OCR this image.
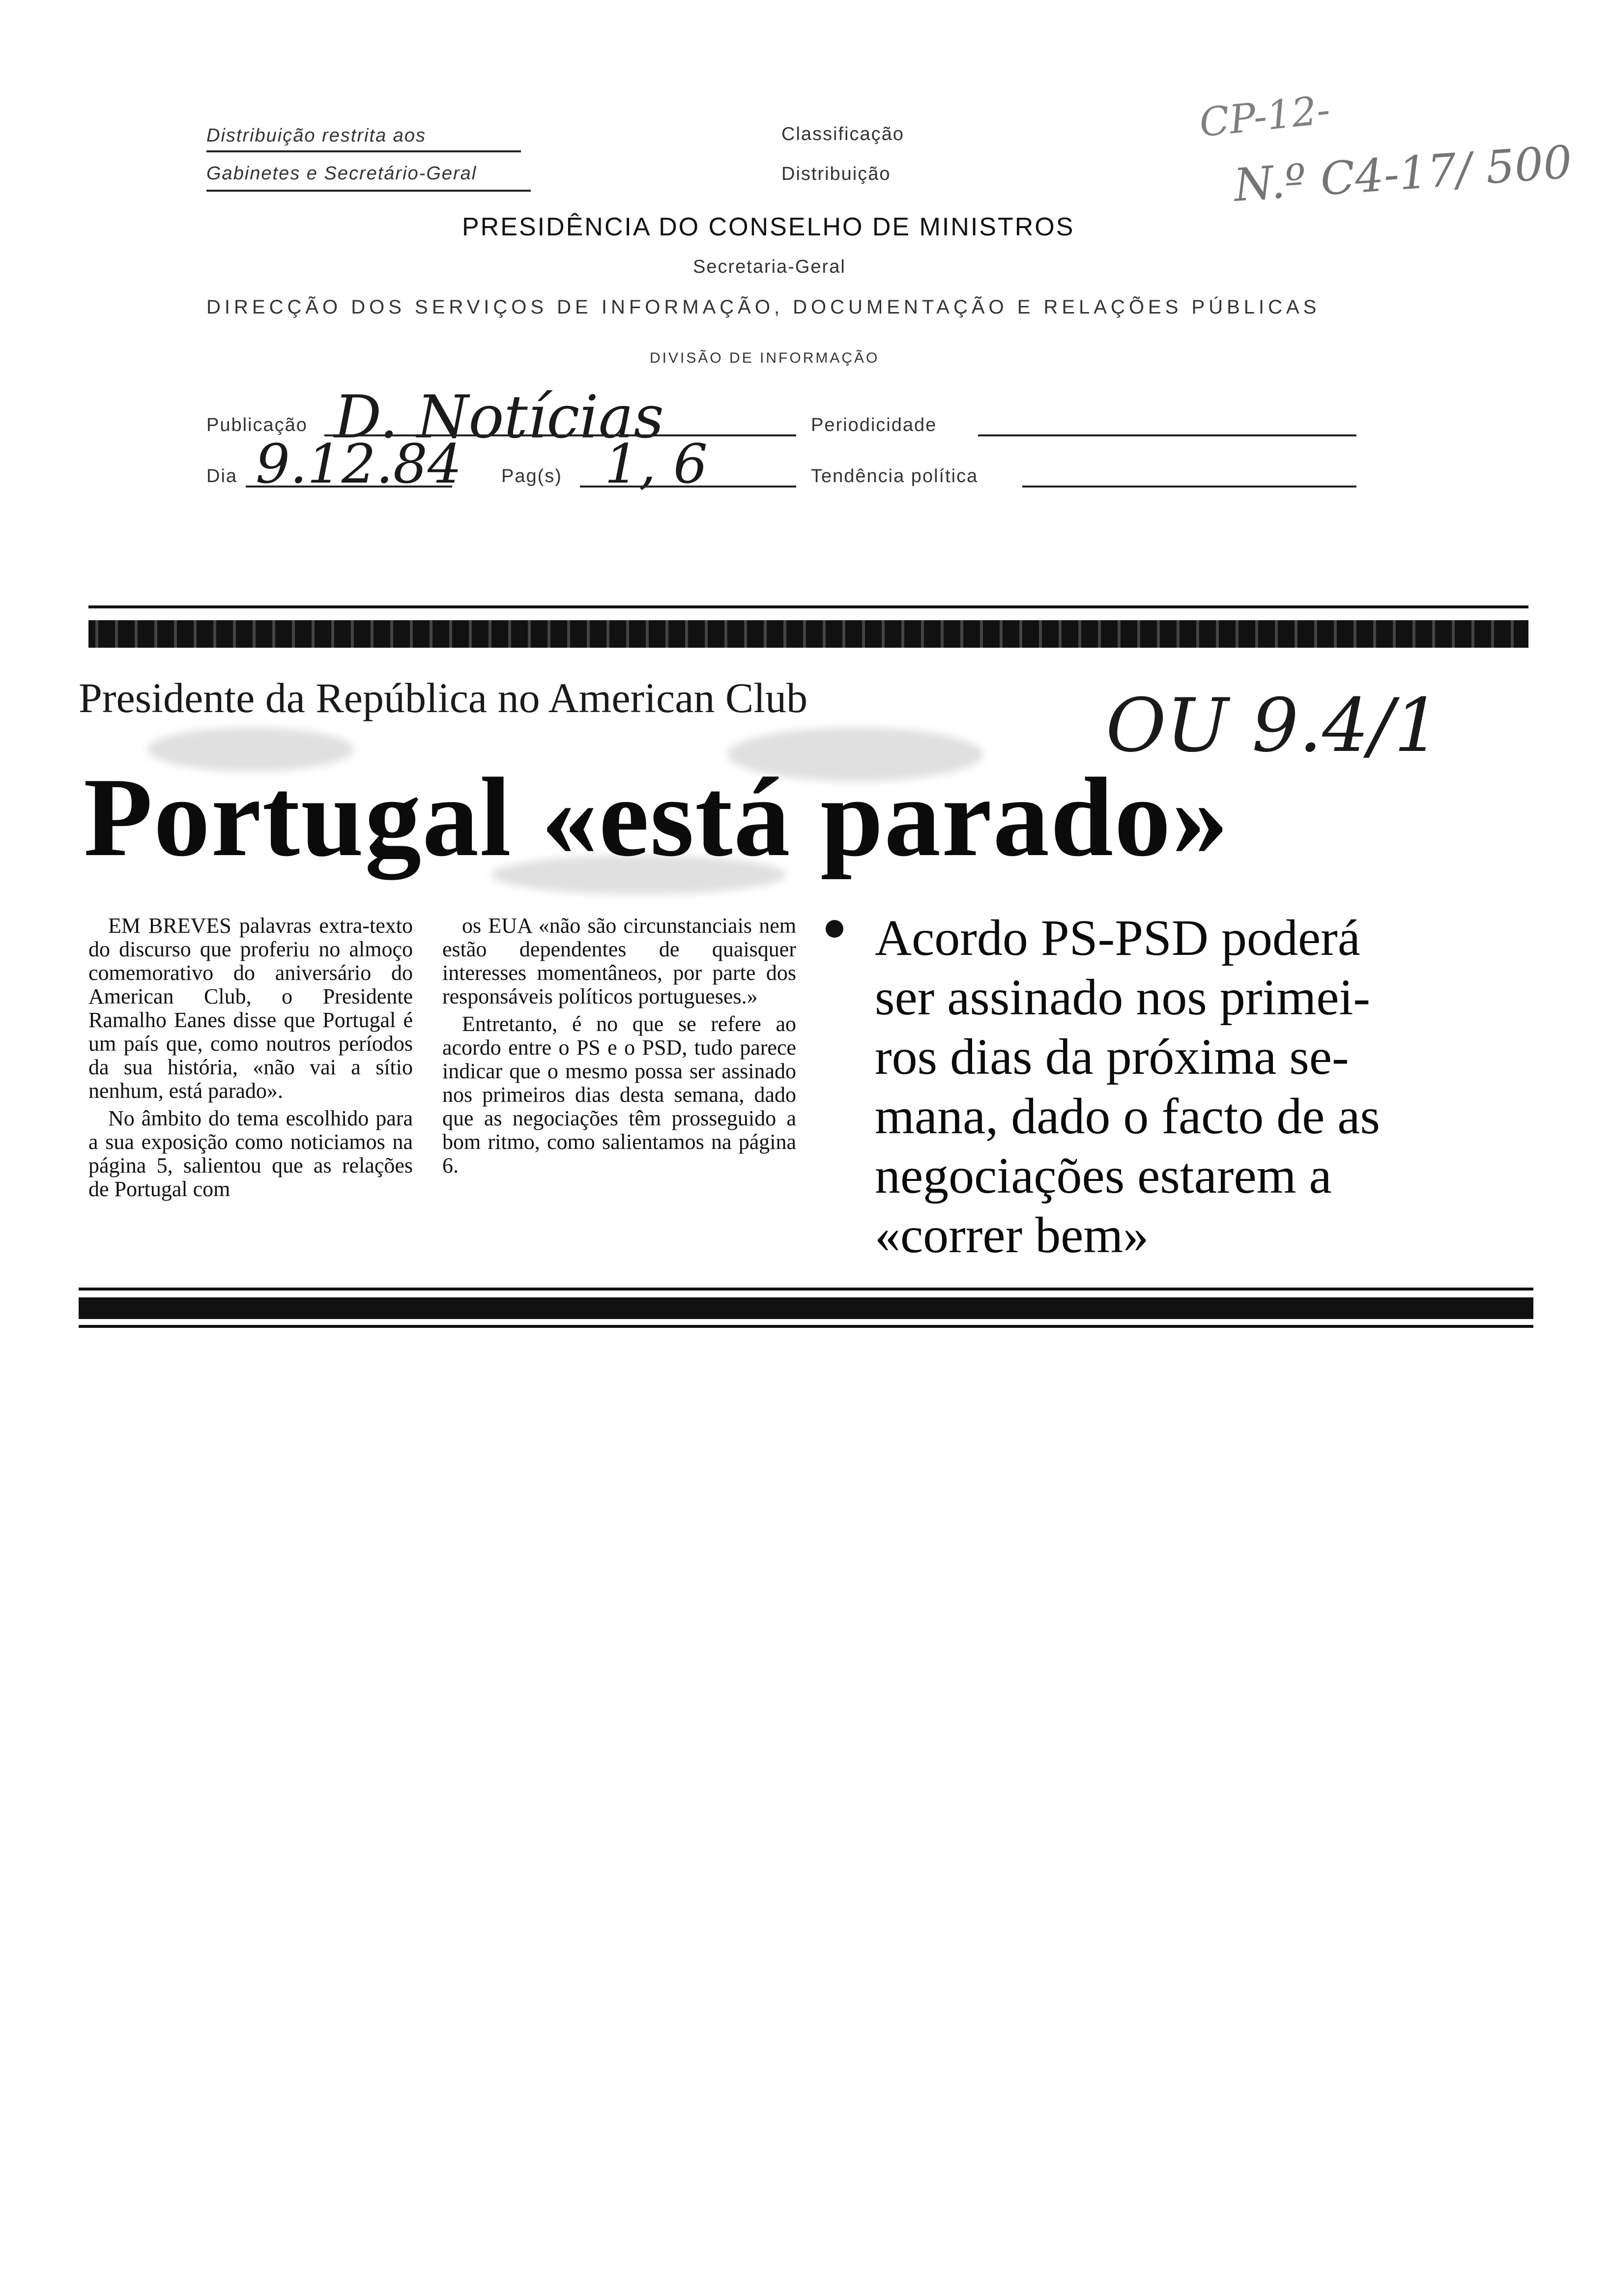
Distribuição restrita aos
Gabinetes e Secretário-Geral
Classificação
Distribuição
CP-12-
N.º C4-17/ 500
PRESIDÊNCIA DO CONSELHO DE MINISTROS
Secretaria-Geral
DIRECÇÃO DOS SERVIÇOS DE INFORMAÇÃO, DOCUMENTAÇÃO E RELAÇÕES PÚBLICAS
DIVISÃO DE INFORMAÇÃO
Publicação D. Notícias	Periodicidade
Dia 9.12.84 Pag(s) 1, 6	Tendência política
Presidente da República no American Club	OU 9.4/1
Portugal «está parado»

EM BREVES palavras extra-texto do discurso que proferiu no almoço comemorativo do aniversário do American Club, o Presidente Ramalho Eanes disse que Portugal é um país que, como noutros períodos da sua história, «não vai a sítio nenhum, está parado».

No âmbito do tema escolhido para a sua exposição como noticiamos na página 5, salientou que as relações de Portugal com

os EUA «não são circunstanciais nem estão dependentes de quaisquer interesses momentâneos, por parte dos responsáveis políticos portugueses.»

Entretanto, é no que se refere ao acordo entre o PS e o PSD, tudo parece indicar que o mesmo possa ser assinado nos primeiros dias desta semana, dado que as negociações têm prosseguido a bom ritmo, como salientamos na página 6.

Acordo PS-PSD poderá
ser assinado nos primei-
ros dias da próxima se-
mana, dado o facto de as
negociações estarem a
«correr bem»
